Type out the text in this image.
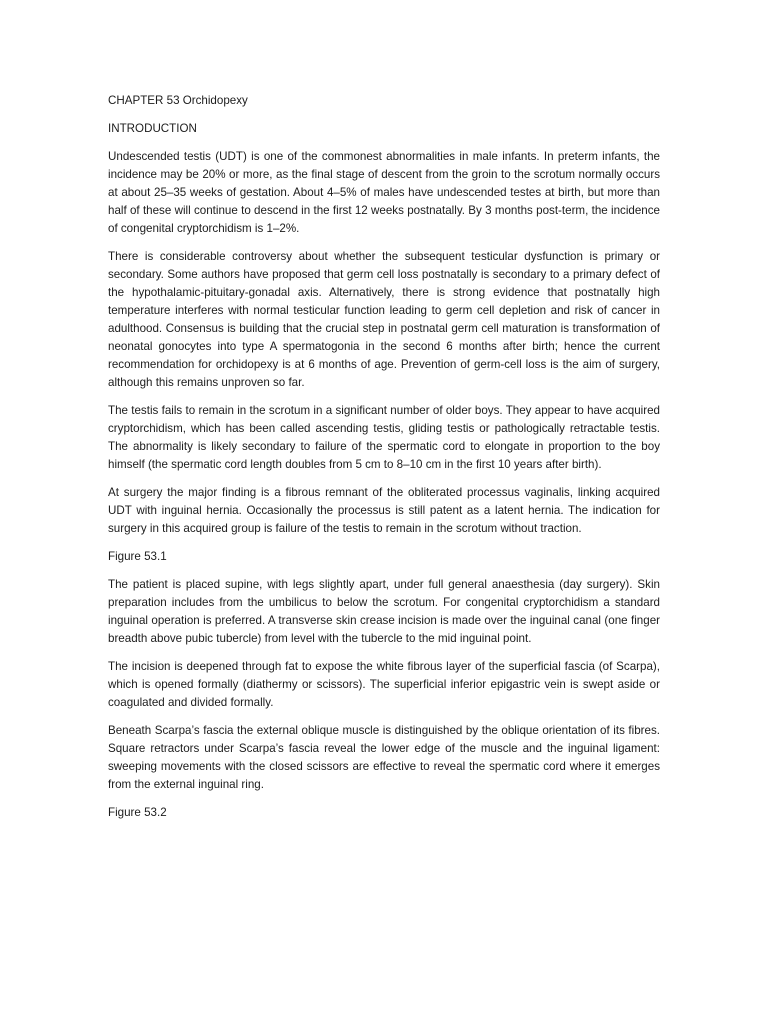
CHAPTER 53 Orchidopexy

INTRODUCTION

Undescended testis (UDT) is one of the commonest abnormalities in male infants. In preterm infants, the incidence may be 20% or more, as the final stage of descent from the groin to the scrotum normally occurs at about 25–35 weeks of gestation. About 4–5% of males have undescended testes at birth, but more than half of these will continue to descend in the first 12 weeks postnatally. By 3 months post-term, the incidence of congenital cryptorchidism is 1–2%.

There is considerable controversy about whether the subsequent testicular dysfunction is primary or secondary. Some authors have proposed that germ cell loss postnatally is secondary to a primary defect of the hypothalamic-pituitary-gonadal axis. Alternatively, there is strong evidence that postnatally high temperature interferes with normal testicular function leading to germ cell depletion and risk of cancer in adulthood. Consensus is building that the crucial step in postnatal germ cell maturation is transformation of neonatal gonocytes into type A spermatogonia in the second 6 months after birth; hence the current recommendation for orchidopexy is at 6 months of age. Prevention of germ-cell loss is the aim of surgery, although this remains unproven so far.

The testis fails to remain in the scrotum in a significant number of older boys. They appear to have acquired cryptorchidism, which has been called ascending testis, gliding testis or pathologically retractable testis. The abnormality is likely secondary to failure of the spermatic cord to elongate in proportion to the boy himself (the spermatic cord length doubles from 5 cm to 8–10 cm in the first 10 years after birth).

At surgery the major finding is a fibrous remnant of the obliterated processus vaginalis, linking acquired UDT with inguinal hernia. Occasionally the processus is still patent as a latent hernia. The indication for surgery in this acquired group is failure of the testis to remain in the scrotum without traction.

Figure 53.1

The patient is placed supine, with legs slightly apart, under full general anaesthesia (day surgery). Skin preparation includes from the umbilicus to below the scrotum. For congenital cryptorchidism a standard inguinal operation is preferred. A transverse skin crease incision is made over the inguinal canal (one finger breadth above pubic tubercle) from level with the tubercle to the mid inguinal point.

The incision is deepened through fat to expose the white fibrous layer of the superficial fascia (of Scarpa), which is opened formally (diathermy or scissors). The superficial inferior epigastric vein is swept aside or coagulated and divided formally.

Beneath Scarpa’s fascia the external oblique muscle is distinguished by the oblique orientation of its fibres. Square retractors under Scarpa’s fascia reveal the lower edge of the muscle and the inguinal ligament: sweeping movements with the closed scissors are effective to reveal the spermatic cord where it emerges from the external inguinal ring.

Figure 53.2
